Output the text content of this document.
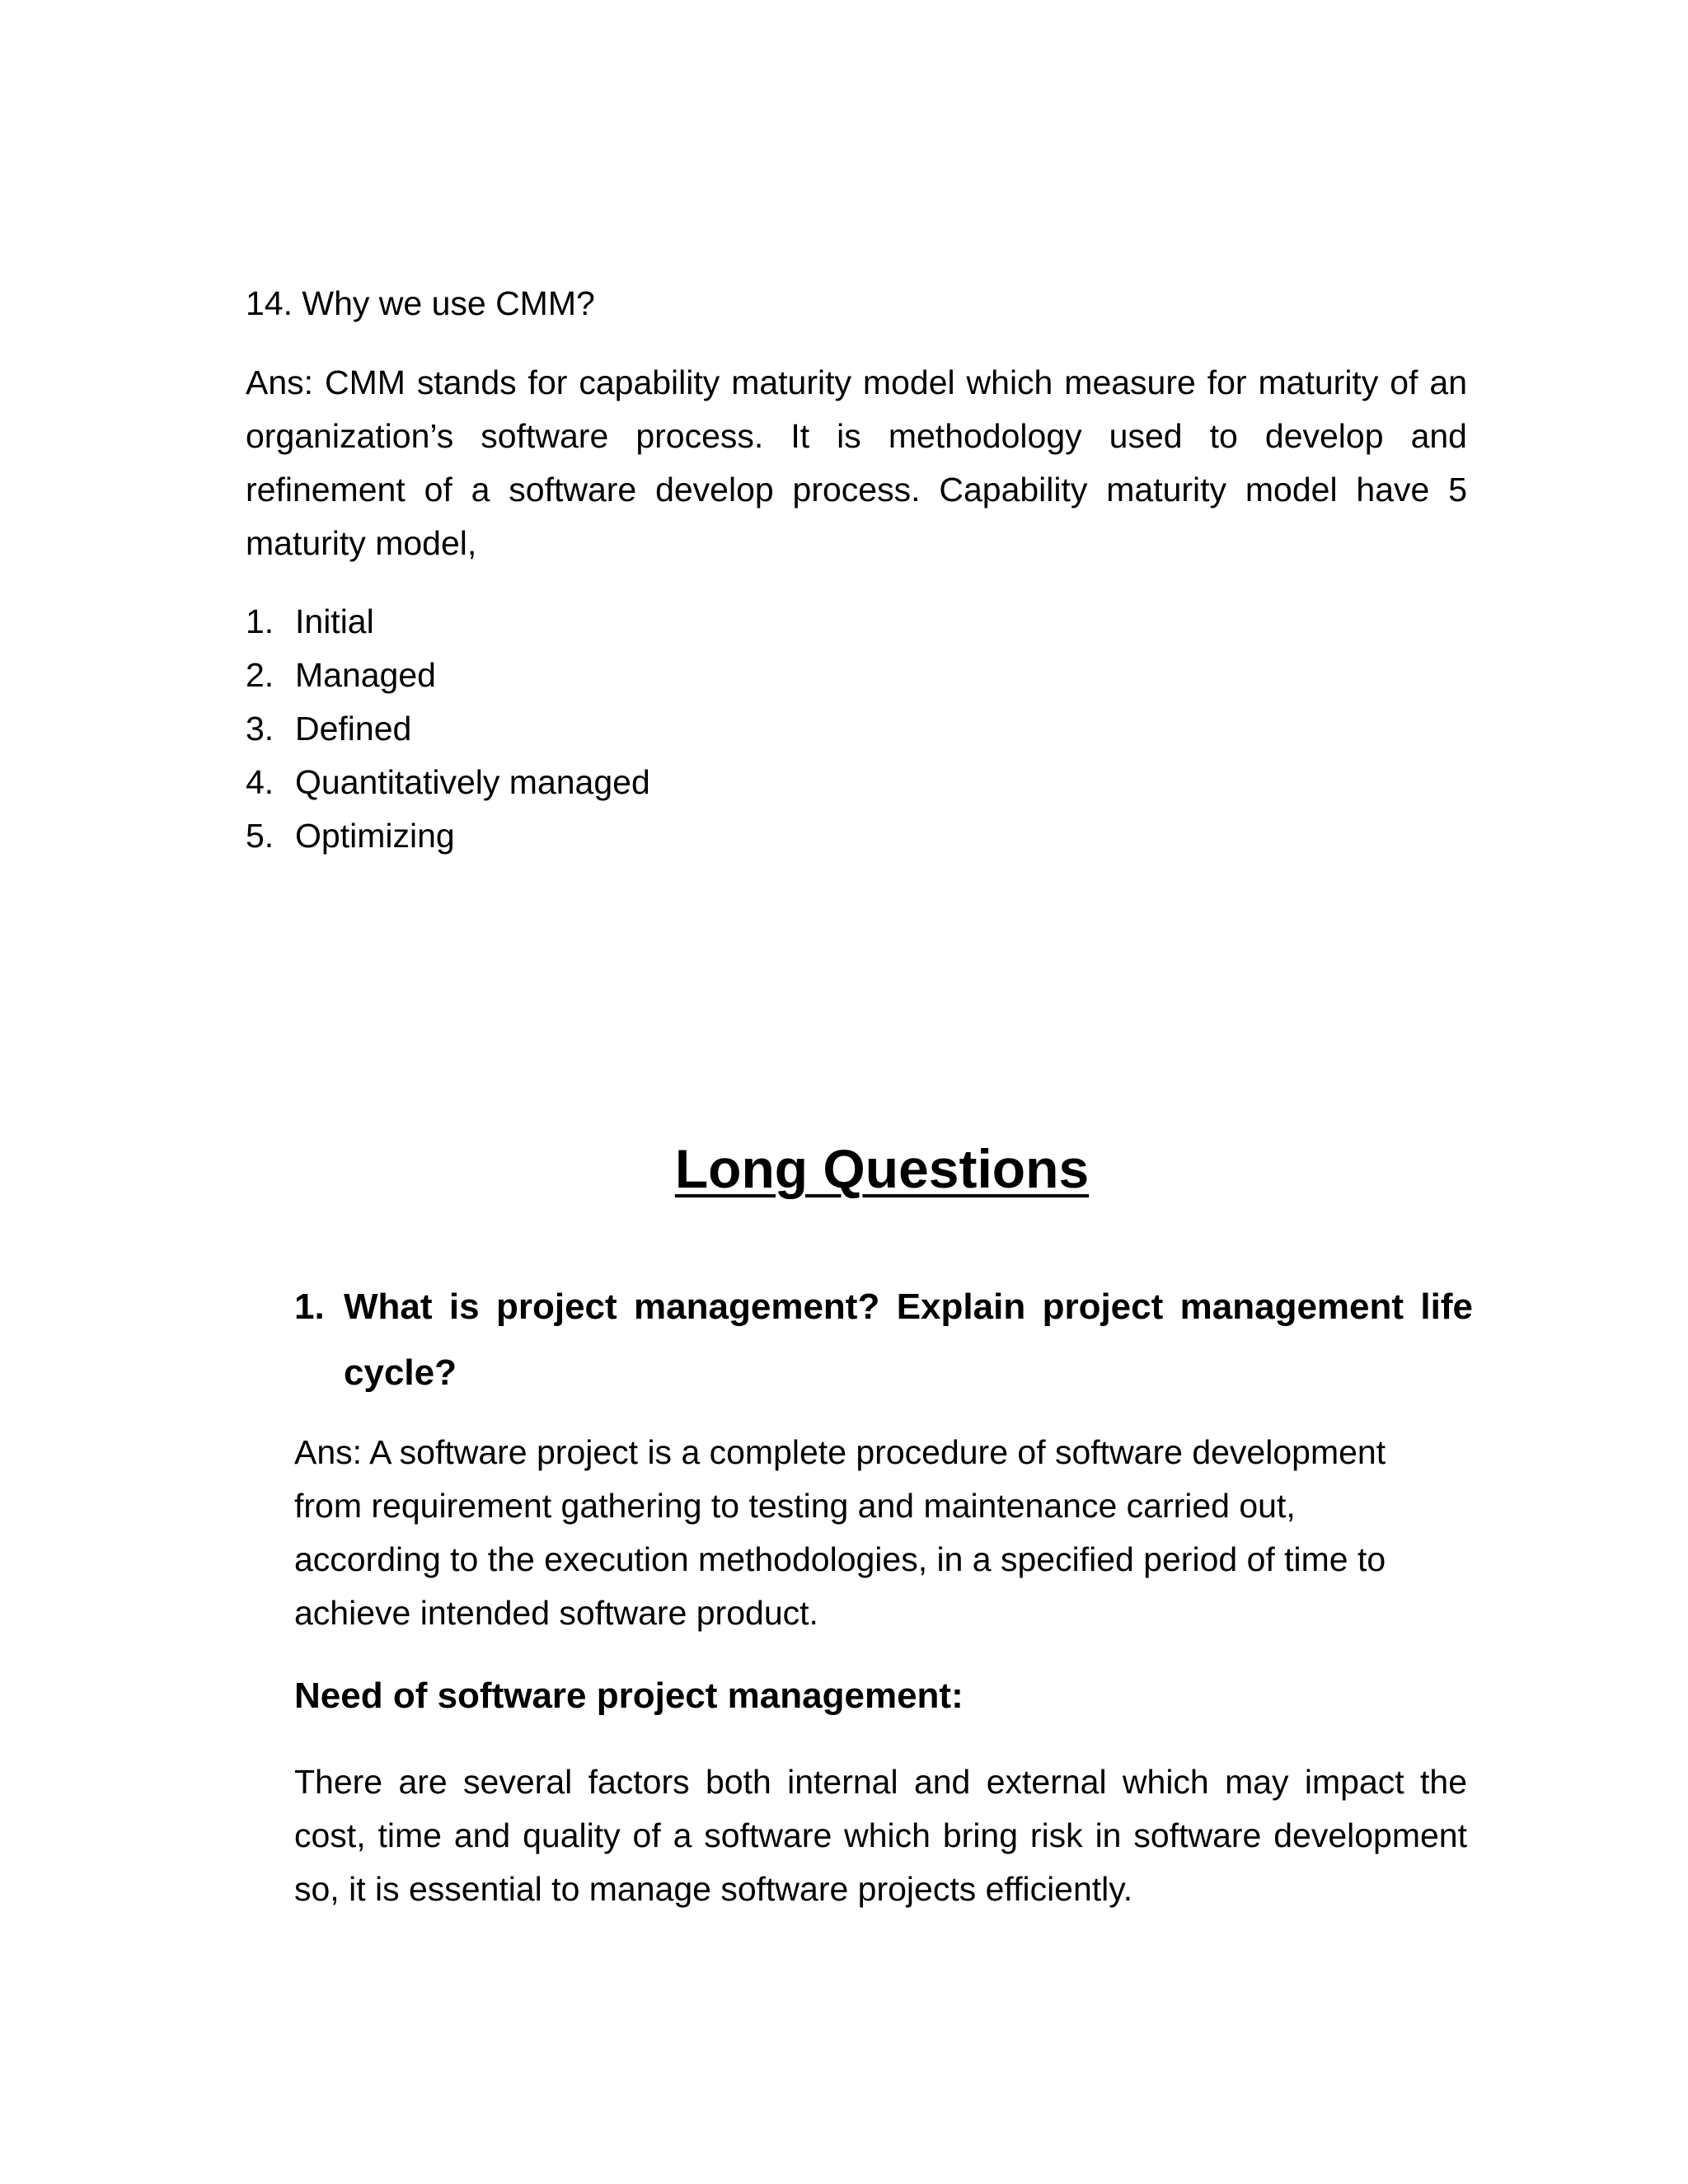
14. Why we use CMM?

Ans: CMM stands for capability maturity model which measure for maturity of an organization’s software process. It is methodology used to develop and refinement of a software develop process. Capability maturity model have 5 maturity model,

1. Initial
2. Managed
3. Defined
4. Quantitatively managed
5. Optimizing
Long Questions
1. What is project management? Explain project management life cycle?

Ans: A software project is a complete procedure of software development from requirement gathering to testing and maintenance carried out, according to the execution methodologies, in a specified period of time to achieve intended software product.

Need of software project management:

There are several factors both internal and external which may impact the cost, time and quality of a software which bring risk in software development so, it is essential to manage software projects efficiently.
